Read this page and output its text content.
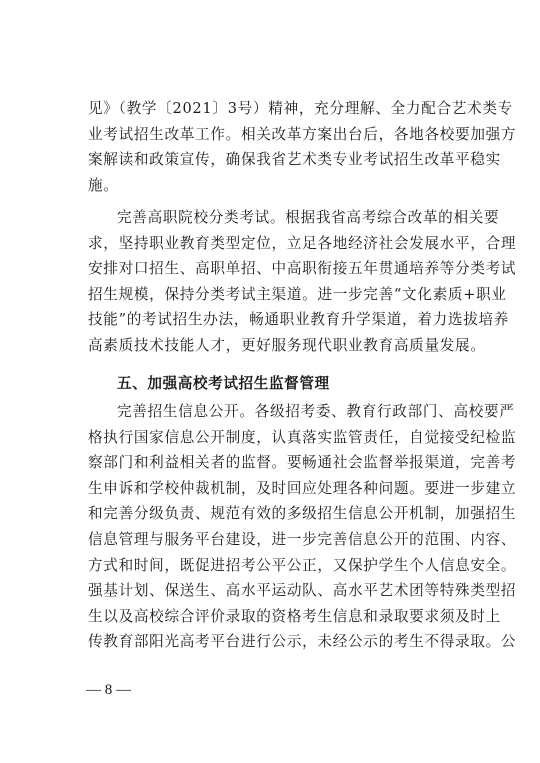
见》（教学〔2021〕3号）精神，充分理解、全力配合艺术类专
业考试招生改革工作。相关改革方案出台后，各地各校要加强方
案解读和政策宣传，确保我省艺术类专业考试招生改革平稳实
施。
完善高职院校分类考试。根据我省高考综合改革的相关要
求，坚持职业教育类型定位，立足各地经济社会发展水平，合理
安排对口招生、高职单招、中高职衔接五年贯通培养等分类考试
招生规模，保持分类考试主渠道。进一步完善“文化素质+职业
技能”的考试招生办法，畅通职业教育升学渠道，着力选拔培养
高素质技术技能人才，更好服务现代职业教育高质量发展。
五、加强高校考试招生监督管理
完善招生信息公开。各级招考委、教育行政部门、高校要严
格执行国家信息公开制度，认真落实监管责任，自觉接受纪检监
察部门和利益相关者的监督。要畅通社会监督举报渠道，完善考
生申诉和学校仲裁机制，及时回应处理各种问题。要进一步建立
和完善分级负责、规范有效的多级招生信息公开机制，加强招生
信息管理与服务平台建设，进一步完善信息公开的范围、内容、
方式和时间，既促进招考公平公正，又保护学生个人信息安全。
强基计划、保送生、高水平运动队、高水平艺术团等特殊类型招
生以及高校综合评价录取的资格考生信息和录取要求须及时上
传教育部阳光高考平台进行公示，未经公示的考生不得录取。公
— 8 —
